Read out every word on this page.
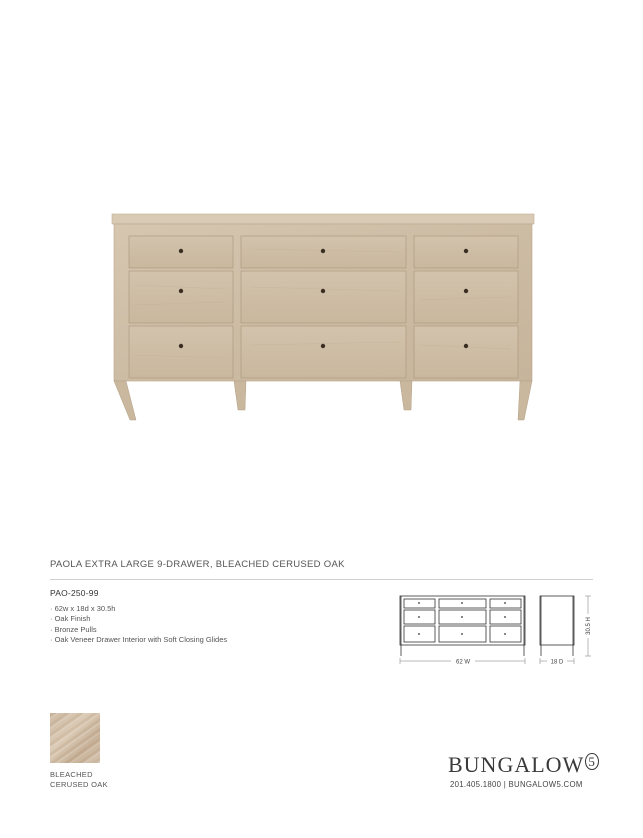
PAOLA EXTRA LARGE 9-DRAWER, BLEACHED CERUSED OAK
PAO-250-99
· 62w x 18d x 30.5h
· Oak Finish
· Bronze Pulls
· Oak Veneer Drawer Interior with Soft Closing Glides
62 W	18 D
30.5 H
BLEACHED
CERUSED OAK
BUNGALOW $^5$
201.405.1800 | BUNGALOW5.COM
